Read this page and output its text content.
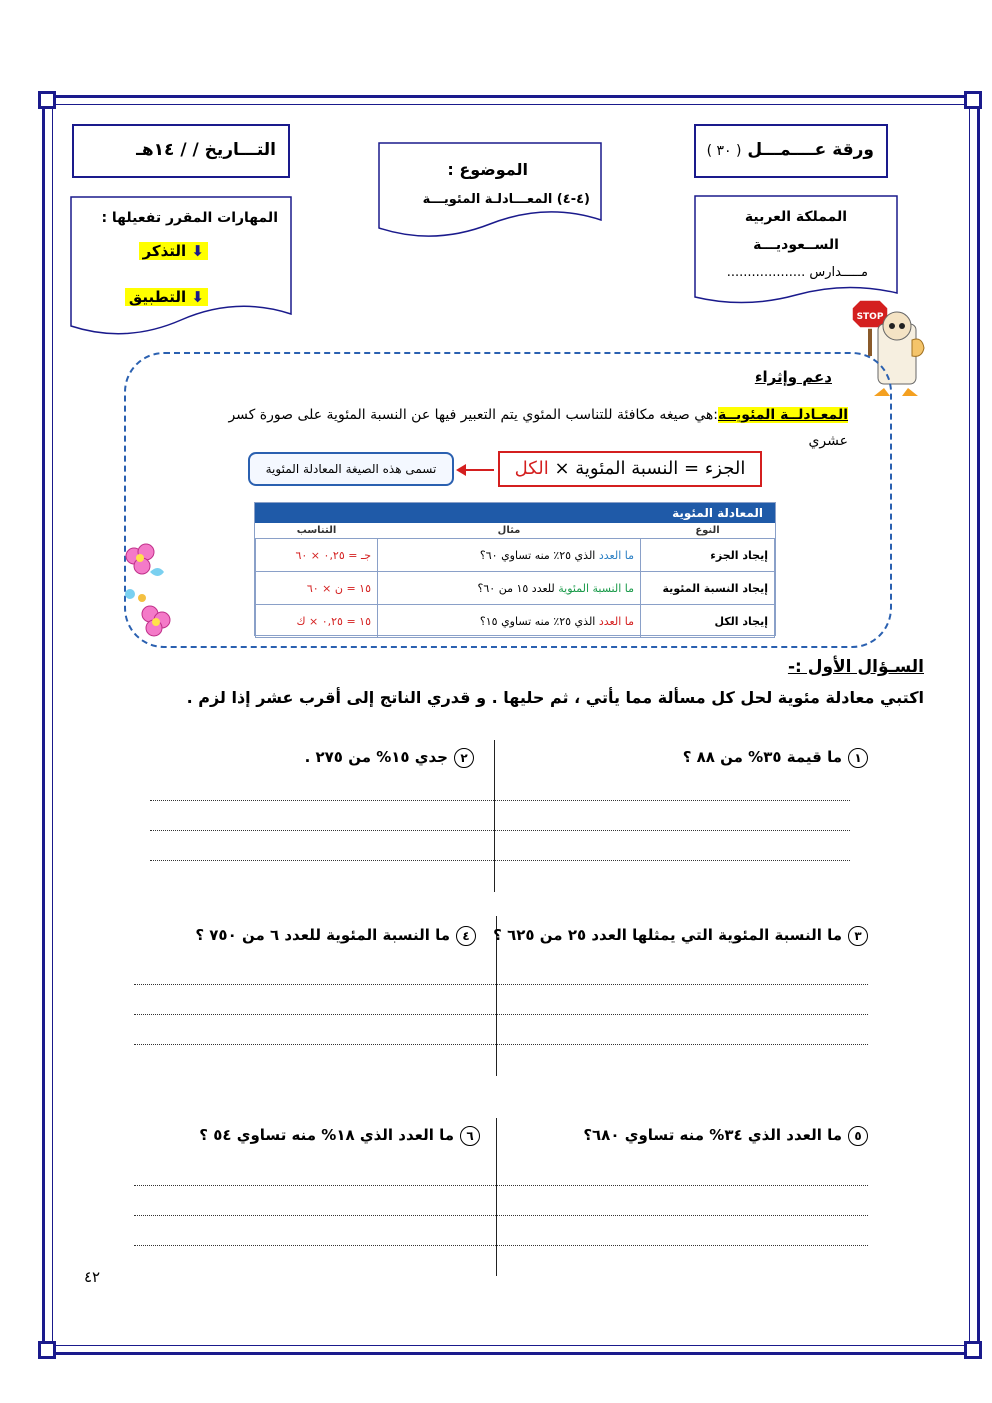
التـــاريخ / / ١٤هـ	ورقة عــــمـــل ( ٣٠ )
الموضوع :
(٤-٤) المعـــادلـة المئويـــة
المهارات المقرر تفعيلها :
⬇ التذكر
⬇ التطبيق
المملكة العربية
الســعوديـــة
مـــــدارس ...................
STOP
دعم وإثراء
المعـادلــة المئويــة:هي صيغه مكافئة للتناسب المئوي يتم التعبير فيها عن النسبة المئوية على صورة كسر عشري
الجزء = النسبة المئوية × الكل
تسمى هذه الصيغة المعادلة المئوية
المعادلة المئوية
النوع	مثال	التناسب
إيجاد الجزء	ما العدد الذي ٢٥٪ منه تساوي ٦٠؟	جـ = ٠,٢٥ × ٦٠
إيجاد النسبة المئوية	ما النسبة المئوية للعدد ١٥ من ٦٠؟	١٥ = ن × ٦٠
إيجاد الكل	ما العدد الذي ٢٥٪ منه تساوي ١٥؟	١٥ = ٠,٢٥ × ك
السـؤال الأول :-
اكتبي معادلة مئوية لحل كل مسألة مما يأتي ، ثم حليها . و قدري الناتج إلى أقرب عشر إذا لزم .
١ما قيمة ٣٥% من ٨٨ ؟
٢جدي ١٥% من ٢٧٥ .
٣ما النسبة المئوية التي يمثلها العدد ٢٥ من ٦٢٥ ؟
٤ما النسبة المئوية للعدد ٦ من ٧٥٠ ؟
٥ما العدد الذي ٣٤% منه تساوي ٦٨٠؟
٦ما العدد الذي ١٨% منه تساوي ٥٤ ؟
٤٢
